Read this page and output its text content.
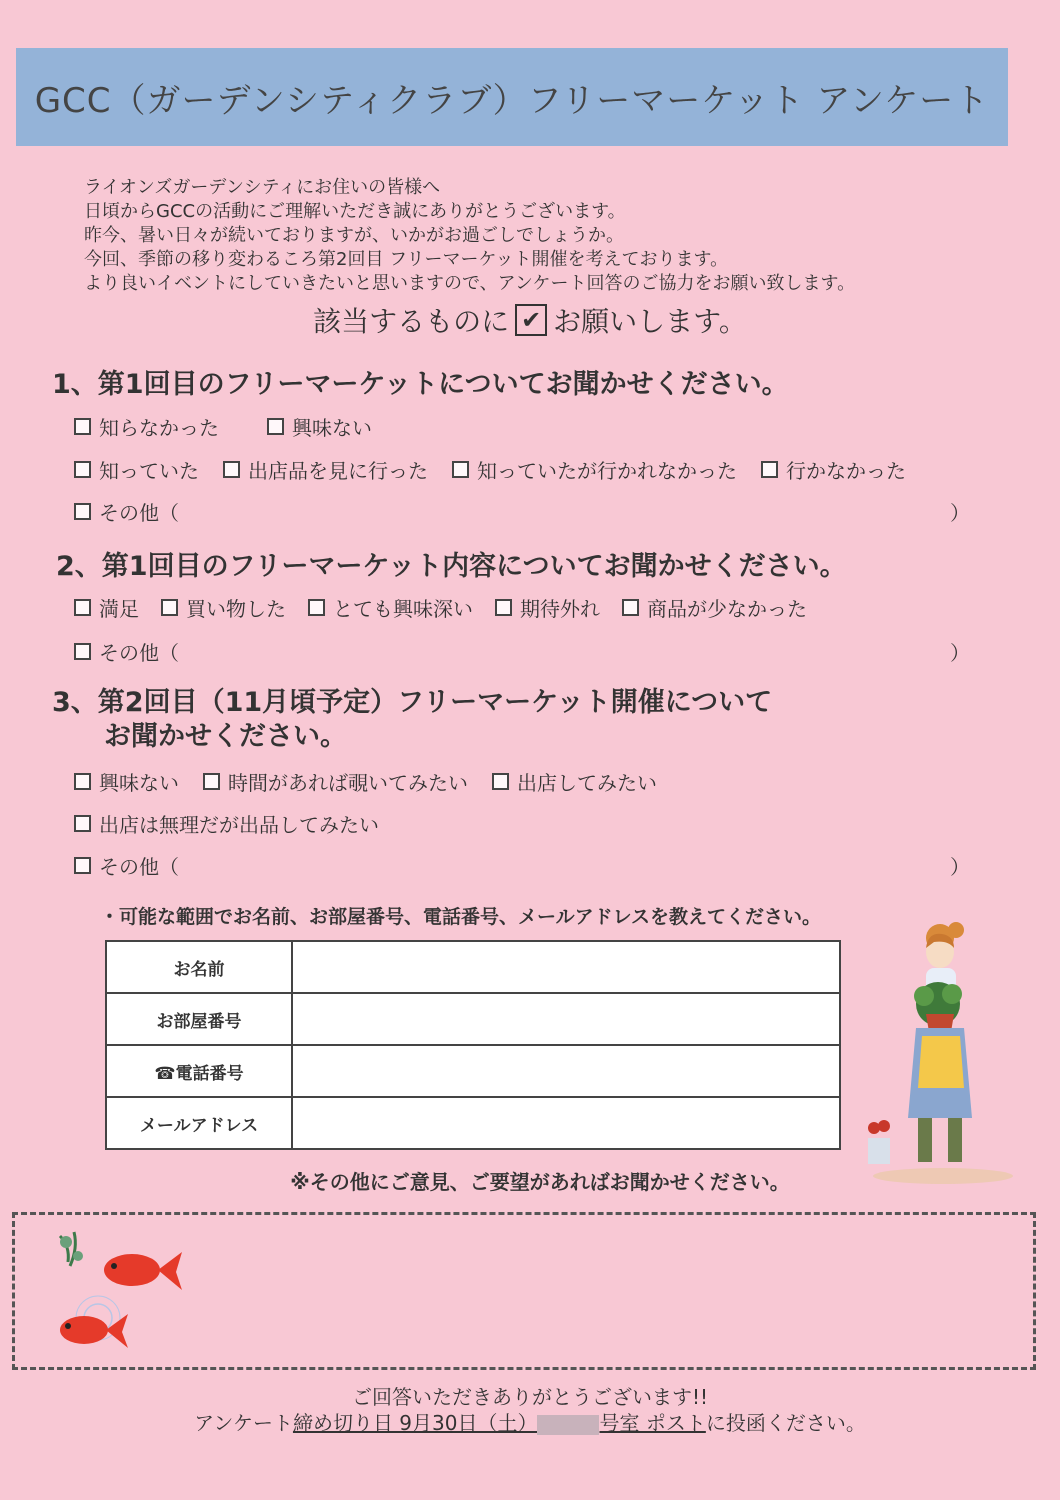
GCC（ガーデンシティクラブ）フリーマーケット アンケート
ライオンズガーデンシティにお住いの皆様へ
日頃からGCCの活動にご理解いただき誠にありがとうございます。
昨今、暑い日々が続いておりますが、いかがお過ごしでしょうか。
今回、季節の移り変わるころ第2回目 フリーマーケット開催を考えております。
より良いイベントにしていきたいと思いますので、アンケート回答のご協力をお願い致します。
該当するものに ✔ お願いします。
1、第1回目のフリーマーケットについてお聞かせください。
知らなかった	興味ない
知っていた 出店品を見に行った 知っていたが行かれなかった 行かなかった
その他（	）
2、第1回目のフリーマーケット内容についてお聞かせください。
満足 買い物した とても興味深い 期待外れ 商品が少なかった
その他（	）
3、第2回目（11月頃予定）フリーマーケット開催について
お聞かせください。
興味ない 時間があれば覗いてみたい 出店してみたい
出店は無理だが出品してみたい
その他（	）
・可能な範囲でお名前、お部屋番号、電話番号、メールアドレスを教えてください。
お名前	
お部屋番号	
☎電話番号	
メールアドレス	
※その他にご意見、ご要望があればお聞かせください。
ご回答いただきありがとうございます!!
アンケート締め切り日 9月30日（土）	号室 ポストに投函ください。
